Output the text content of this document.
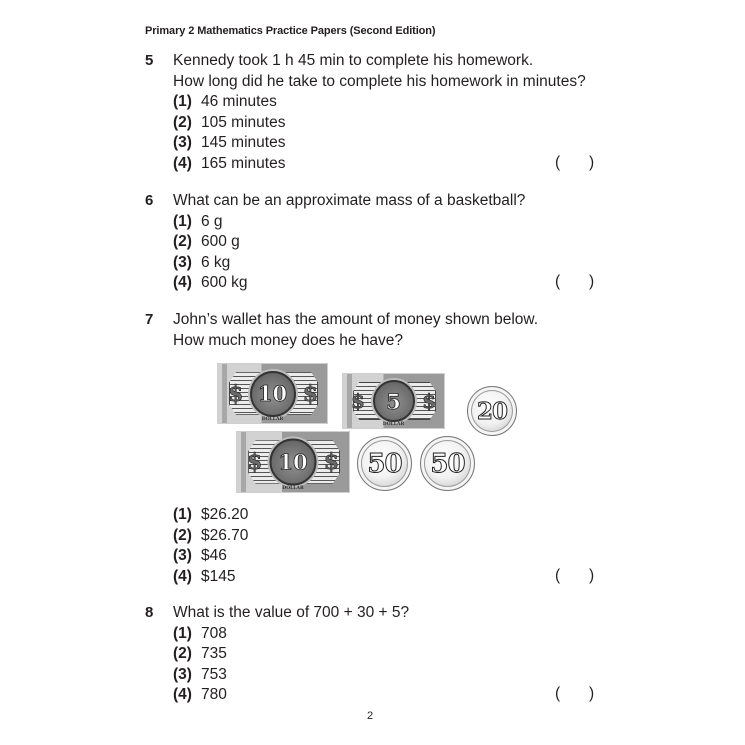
Primary 2 Mathematics Practice Papers (Second Edition)
5 Kennedy took 1 h 45 min to complete his homework.
How long did he take to complete his homework in minutes?
(1) 46 minutes
(2) 105 minutes
(3) 145 minutes
(4) 165 minutes	( )
6 What can be an approximate mass of a basketball?
(1) 6 g
(2) 600 g
(3) 6 kg
(4) 600 kg	( )
7 John’s wallet has the amount of money shown below.
How much money does he have?
$	$
10
DOLLAR
$	$
5
DOLLAR	20
$	$
10
DOLLAR
50 50
(1) $26.20
(2) $26.70
(3) $46
(4) $145	( )
8 What is the value of 700 + 30 + 5?
(1) 708
(2) 735
(3) 753
(4) 780	( )
2
